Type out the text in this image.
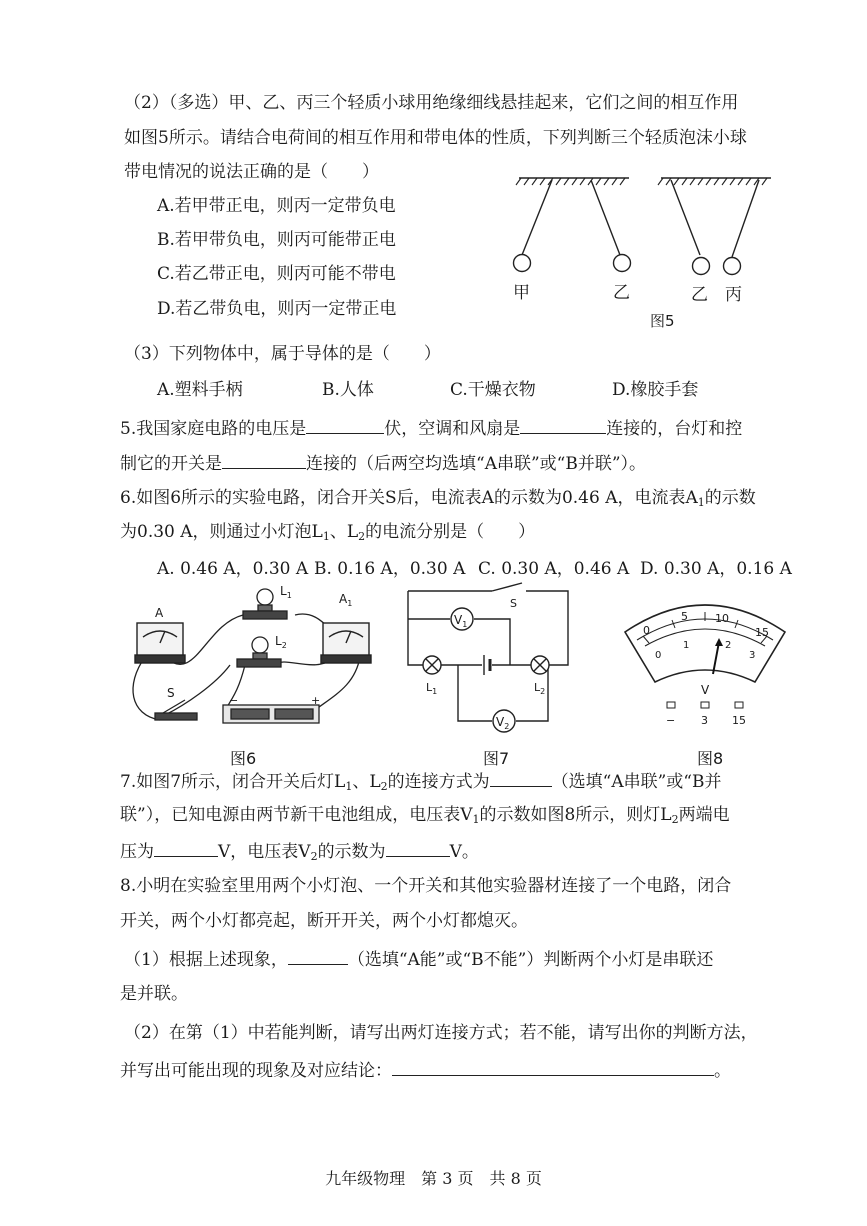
（2）（多选）甲、乙、丙三个轻质小球用绝缘细线悬挂起来，它们之间的相互作用
如图5所示。请结合电荷间的相互作用和带电体的性质，下列判断三个轻质泡沫小球
带电情况的说法正确的是（　　）
A.若甲带正电，则丙一定带负电
B.若甲带负电，则丙可能带正电
C.若乙带正电，则丙可能不带电
D.若乙带负电，则丙一定带正电
甲	乙	乙 丙
图5
（3）下列物体中，属于导体的是（　　）
A.塑料手柄	B.人体	C.干燥衣物	D.橡胶手套
5.我国家庭电路的电压是	伏，空调和风扇是	连接的，台灯和控
制它的开关是	连接的（后两空均选填“A串联”或“B并联”）。
6.如图6所示的实验电路，闭合开关S后，电流表A的示数为0.46 A，电流表$A_1$的示数
为0.30 A，则通过小灯泡$L_1$、$L_2$的电流分别是（　　）
A. 0.46 A，0.30 A B. 0.16 A，0.30 A C. 0.30 A，0.46 A D. 0.30 A，0.16 A
A
$A_1$
$L_1$
$L_2$
S
−	+
图6
$V_1$
$V_2$
$L_1$	$L_2$
S
图7
0
5 10
15
0
1	2
3
V
− 3 15
图8
7.如图7所示，闭合开关后灯$L_1$、$L_2$的连接方式为	（选填“A串联”或“B并
联”），已知电源由两节新干电池组成，电压表$V_1$的示数如图8所示，则灯$L_2$两端电
压为	V，电压表$V_2$的示数为	V。
8.小明在实验室里用两个小灯泡、一个开关和其他实验器材连接了一个电路，闭合
开关，两个小灯都亮起，断开开关，两个小灯都熄灭。
（1）根据上述现象，	（选填“A能”或“B不能”）判断两个小灯是串联还
是并联。
（2）在第（1）中若能判断，请写出两灯连接方式；若不能，请写出你的判断方法，
并写出可能出现的现象及对应结论：	。
九年级物理　第 3 页　共 8 页
